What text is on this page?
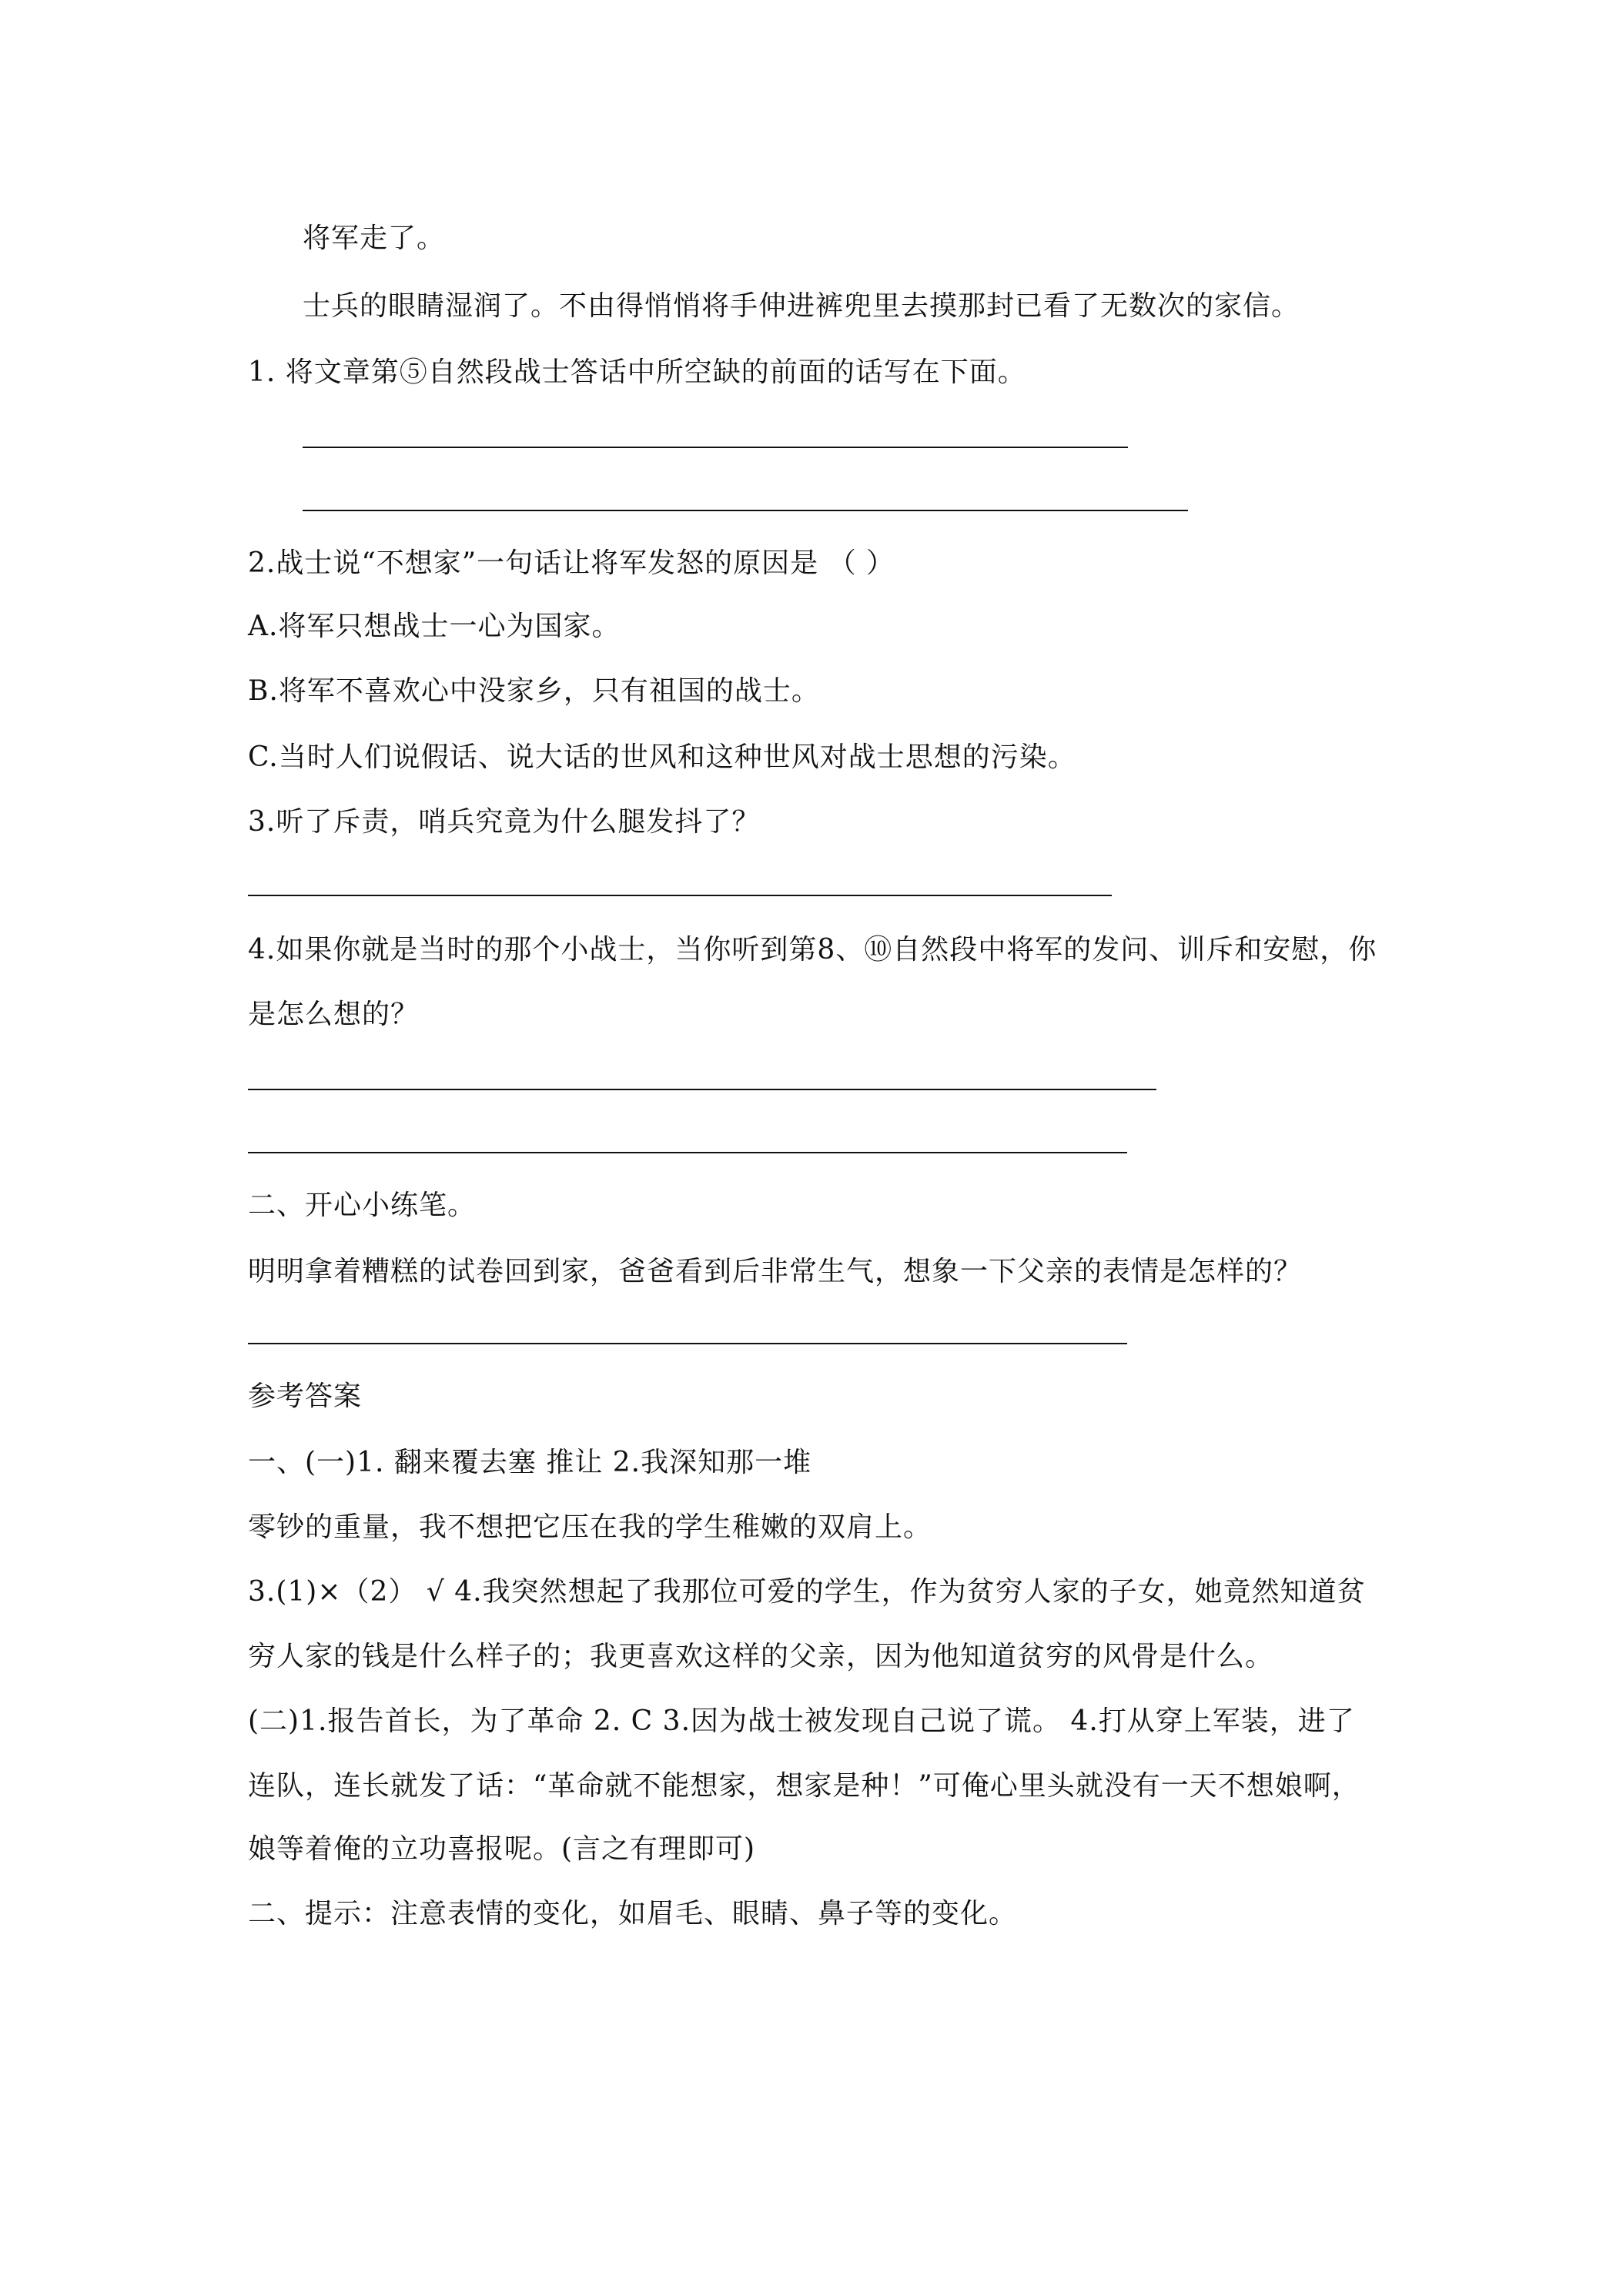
将军走了。
士兵的眼睛湿润了。不由得悄悄将手伸进裤兜里去摸那封已看了无数次的家信。
1. 将文章第⑤自然段战士答话中所空缺的前面的话写在下面。
2.战士说“不想家”一句话让将军发怒的原因是 （ ）
A.将军只想战士一心为国家。
B.将军不喜欢心中没家乡，只有祖国的战士。
C.当时人们说假话、说大话的世风和这种世风对战士思想的污染。
3.听了斥责，哨兵究竟为什么腿发抖了？
4.如果你就是当时的那个小战士，当你听到第8、⑩自然段中将军的发问、训斥和安慰，你
是怎么想的？
二、开心小练笔。
明明拿着糟糕的试卷回到家，爸爸看到后非常生气，想象一下父亲的表情是怎样的？
参考答案
一、(一)1. 翻来覆去塞 推让 2.我深知那一堆
零钞的重量，我不想把它压在我的学生稚嫩的双肩上。
3.(1)×（2） √ 4.我突然想起了我那位可爱的学生，作为贫穷人家的子女，她竟然知道贫
穷人家的钱是什么样子的；我更喜欢这样的父亲，因为他知道贫穷的风骨是什么。
(二)1.报告首长，为了革命 2. C 3.因为战士被发现自己说了谎。 4.打从穿上军装，进了
连队，连长就发了话：“革命就不能想家，想家是种！”可俺心里头就没有一天不想娘啊，
娘等着俺的立功喜报呢。(言之有理即可)
二、提示：注意表情的变化，如眉毛、眼睛、鼻子等的变化。
